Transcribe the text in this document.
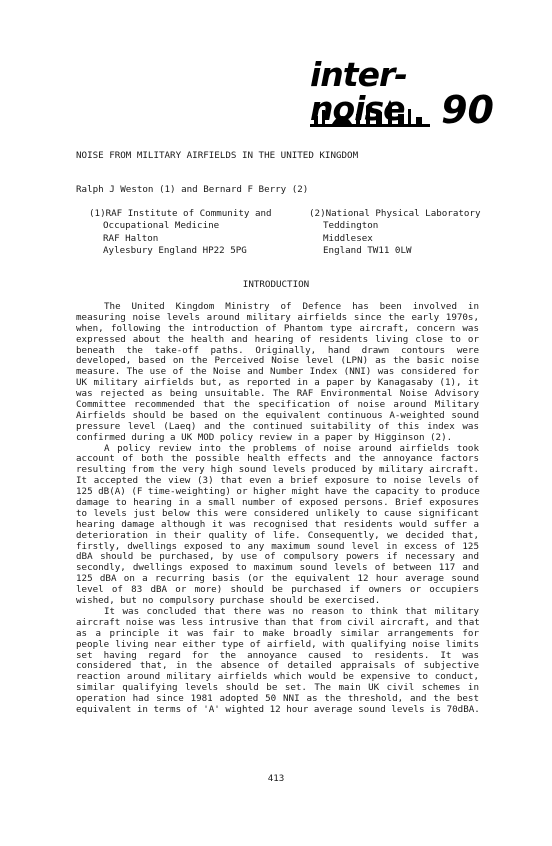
inter-noise 90
NOISE FROM MILITARY AIRFIELDS IN THE UNITED KINGDOM
Ralph J Weston (1) and Bernard F Berry (2)
(1)RAF Institute of Community and
Occupational Medicine
RAF Halton
Aylesbury England HP22 5PG
(2)National Physical Laboratory
Teddington
Middlesex
England TW11 0LW
INTRODUCTION
The United Kingdom Ministry of Defence has been involved in
measuring noise levels around military airfields since the early 1970s,
when, following the introduction of Phantom type aircraft, concern was
expressed about the health and hearing of residents living close to or
beneath the take-off paths. Originally, hand drawn contours were
developed, based on the Perceived Noise level (LPN) as the basic noise
measure. The use of the Noise and Number Index (NNI) was considered for
UK military airfields but, as reported in a paper by Kanagasaby (1), it
was rejected as being unsuitable. The RAF Environmental Noise Advisory
Committee recommended that the specification of noise around Military
Airfields should be based on the equivalent continuous A-weighted sound
pressure level (Laeq) and the continued suitability of this index was
confirmed during a UK MOD policy review in a paper by Higginson (2).
A policy review into the problems of noise around airfields took
account of both the possible health effects and the annoyance factors
resulting from the very high sound levels produced by military aircraft.
It accepted the view (3) that even a brief exposure to noise levels of
125 dB(A) (F time-weighting) or higher might have the capacity to produce
damage to hearing in a small number of exposed persons. Brief exposures
to levels just below this were considered unlikely to cause significant
hearing damage although it was recognised that residents would suffer a
deterioration in their quality of life. Consequently, we decided that,
firstly, dwellings exposed to any maximum sound level in excess of 125
dBA should be purchased, by use of compulsory powers if necessary and
secondly, dwellings exposed to maximum sound levels of between 117 and
125 dBA on a recurring basis (or the equivalent 12 hour average sound
level of 83 dBA or more) should be purchased if owners or occupiers
wished, but no compulsory purchase should be exercised.
It was concluded that there was no reason to think that military
aircraft noise was less intrusive than that from civil aircraft, and that
as a principle it was fair to make broadly similar arrangements for
people living near either type of airfield, with qualifying noise limits
set having regard for the annoyance caused to residents. It was
considered that, in the absence of detailed appraisals of subjective
reaction around military airfields which would be expensive to conduct,
similar qualifying levels should be set. The main UK civil schemes in
operation had since 1981 adopted 50 NNI as the threshold, and the best
equivalent in terms of 'A' wighted 12 hour average sound levels is 70dBA.
413
